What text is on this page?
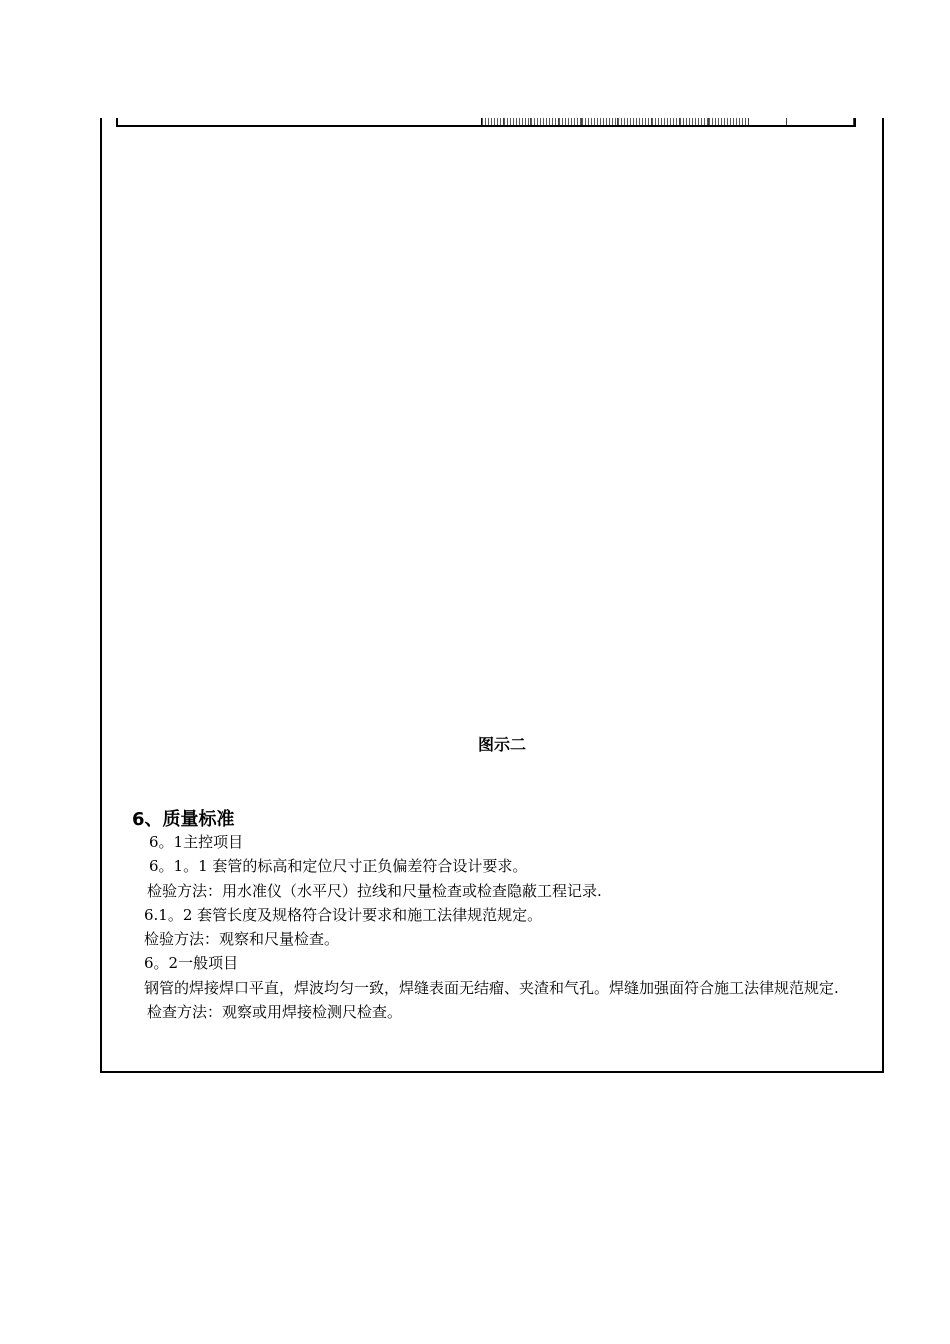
图示二
6、质量标准
6。1主控项目
6。1。1 套管的标高和定位尺寸正负偏差符合设计要求。
检验方法：用水准仪（水平尺）拉线和尺量检查或检查隐蔽工程记录.
6.1。2 套管长度及规格符合设计要求和施工法律规范规定。
检验方法：观察和尺量检查。
6。2一般项目
钢管的焊接焊口平直，焊波均匀一致，焊缝表面无结瘤、夹渣和气孔。焊缝加强面符合施工法律规范规定.
检查方法：观察或用焊接检测尺检查。
